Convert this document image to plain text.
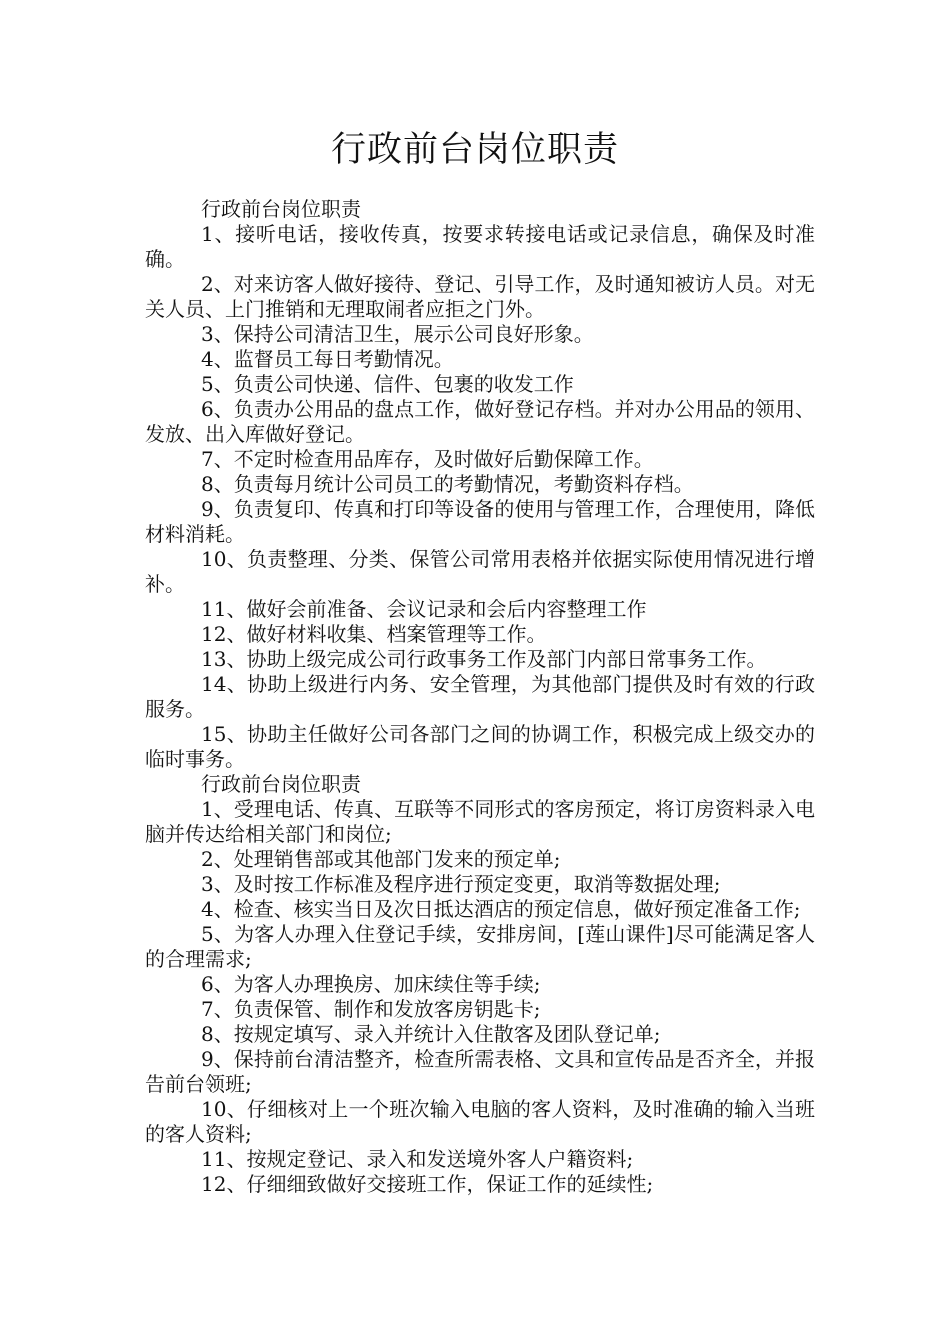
行政前台岗位职责

行政前台岗位职责

1、接听电话，接收传真，按要求转接电话或记录信息，确保及时准确。

2、对来访客人做好接待、登记、引导工作，及时通知被访人员。对无关人员、上门推销和无理取闹者应拒之门外。

3、保持公司清洁卫生，展示公司良好形象。

4、监督员工每日考勤情况。

5、负责公司快递、信件、包裹的收发工作

6、负责办公用品的盘点工作，做好登记存档。并对办公用品的领用、发放、出入库做好登记。

7、不定时检查用品库存，及时做好后勤保障工作。

8、负责每月统计公司员工的考勤情况，考勤资料存档。

9、负责复印、传真和打印等设备的使用与管理工作，合理使用，降低材料消耗。

10、负责整理、分类、保管公司常用表格并依据实际使用情况进行增补。

11、做好会前准备、会议记录和会后内容整理工作

12、做好材料收集、档案管理等工作。

13、协助上级完成公司行政事务工作及部门内部日常事务工作。

14、协助上级进行内务、安全管理，为其他部门提供及时有效的行政服务。

15、协助主任做好公司各部门之间的协调工作，积极完成上级交办的临时事务。

行政前台岗位职责

1、受理电话、传真、互联等不同形式的客房预定，将订房资料录入电脑并传达给相关部门和岗位;

2、处理销售部或其他部门发来的预定单;

3、及时按工作标准及程序进行预定变更，取消等数据处理;

4、检查、核实当日及次日抵达酒店的预定信息，做好预定准备工作;

5、为客人办理入住登记手续，安排房间，[莲山课件]尽可能满足客人的合理需求;

6、为客人办理换房、加床续住等手续;

7、负责保管、制作和发放客房钥匙卡;

8、按规定填写、录入并统计入住散客及团队登记单;

9、保持前台清洁整齐，检查所需表格、文具和宣传品是否齐全，并报告前台领班;

10、仔细核对上一个班次输入电脑的客人资料，及时准确的输入当班的客人资料;

11、按规定登记、录入和发送境外客人户籍资料;

12、仔细细致做好交接班工作，保证工作的延续性;
